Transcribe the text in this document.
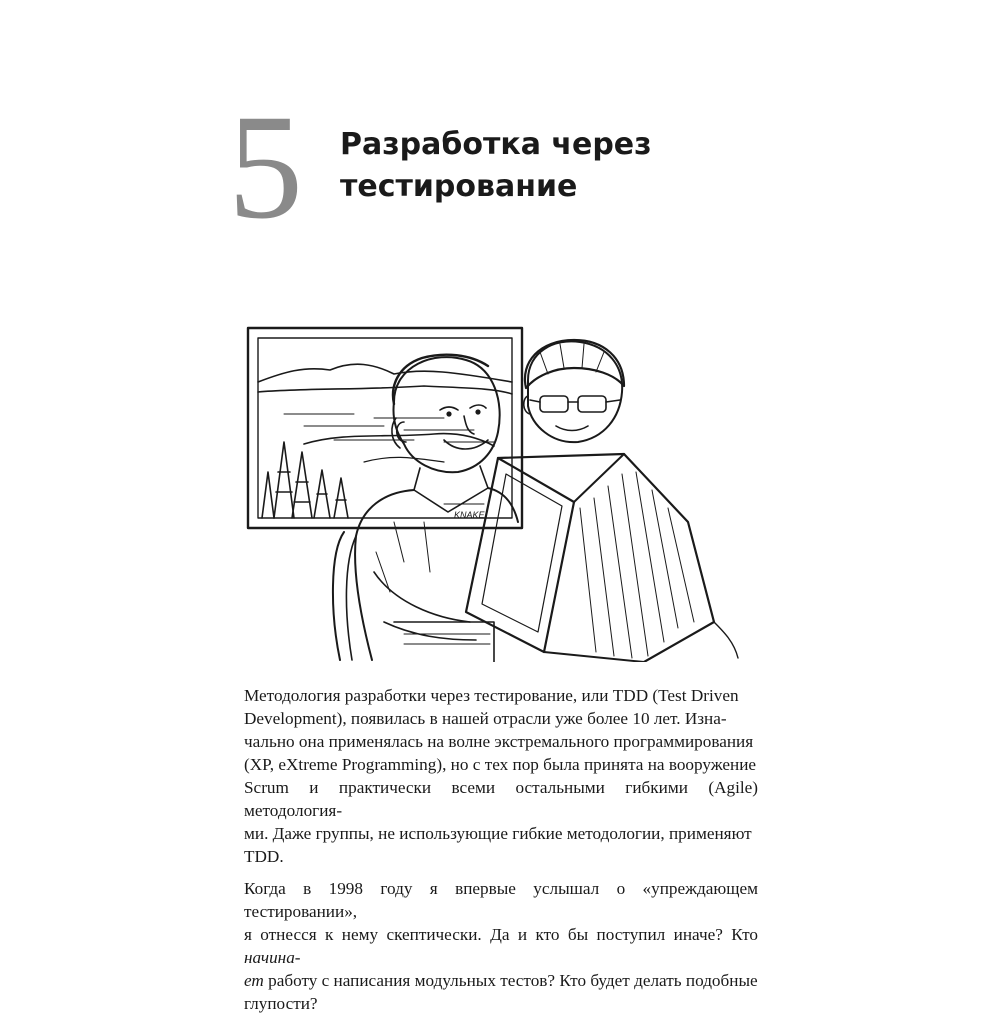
5 Разработка через
тестирование
KNAKE

Методология разработки через тестирование, или TDD (Test Driven
Development), появилась в нашей отрасли уже более 10 лет. Изна-
чально она применялась на волне экстремального программирования
(XP, eXtreme Programming), но с тех пор была принята на вооружение
Scrum и практически всеми остальными гибкими (Agile) методология-
ми. Даже группы, не использующие гибкие методологии, применяют
TDD.

Когда в 1998 году я впервые услышал о «упреждающем тестировании»,
я отнесся к нему скептически. Да и кто бы поступил иначе? Кто начина-
ет работу с написания модульных тестов? Кто будет делать подобные
глупости?
